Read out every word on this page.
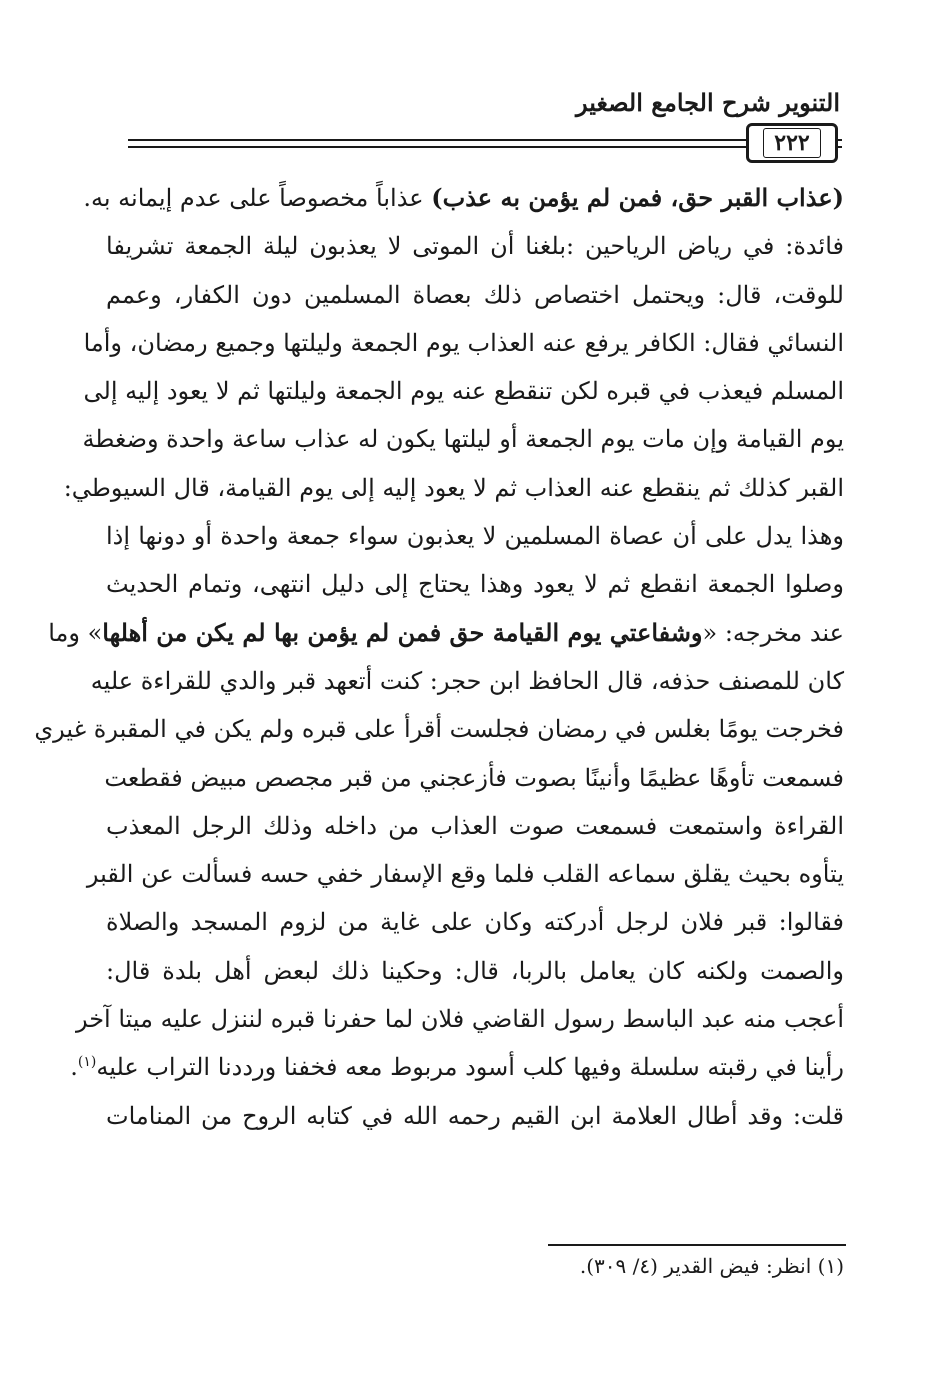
التنوير شرح الجامع الصغير
٢٢٢
(عذاب القبر حق، فمن لم يؤمن به عذب) عذاباً مخصوصاً على عدم إيمانه به.
فائدة: في رياض الرياحين :بلغنا أن الموتى لا يعذبون ليلة الجمعة تشريفا
للوقت، قال: ويحتمل اختصاص ذلك بعصاة المسلمين دون الكفار، وعمم
النسائي فقال: الكافر يرفع عنه العذاب يوم الجمعة وليلتها وجميع رمضان، وأما
المسلم فيعذب في قبره لكن تنقطع عنه يوم الجمعة وليلتها ثم لا يعود إليه إلى
يوم القيامة وإن مات يوم الجمعة أو ليلتها يكون له عذاب ساعة واحدة وضغطة
القبر كذلك ثم ينقطع عنه العذاب ثم لا يعود إليه إلى يوم القيامة، قال السيوطي:
وهذا يدل على أن عصاة المسلمين لا يعذبون سواء جمعة واحدة أو دونها إذا
وصلوا الجمعة انقطع ثم لا يعود وهذا يحتاج إلى دليل انتهى، وتمام الحديث
عند مخرجه: «وشفاعتي يوم القيامة حق فمن لم يؤمن بها لم يكن من أهلها» وما
كان للمصنف حذفه، قال الحافظ ابن حجر: كنت أتعهد قبر والدي للقراءة عليه
فخرجت يومًا بغلس في رمضان فجلست أقرأ على قبره ولم يكن في المقبرة غيري
فسمعت تأوهًا عظيمًا وأنينًا بصوت فأزعجني من قبر مجصص مبيض فقطعت
القراءة واستمعت فسمعت صوت العذاب من داخله وذلك الرجل المعذب
يتأوه بحيث يقلق سماعه القلب فلما وقع الإسفار خفي حسه فسألت عن القبر
فقالوا: قبر فلان لرجل أدركته وكان على غاية من لزوم المسجد والصلاة
والصمت ولكنه كان يعامل بالربا، قال: وحكينا ذلك لبعض أهل بلدة قال:
أعجب منه عبد الباسط رسول القاضي فلان لما حفرنا قبره لننزل عليه ميتا آخر
رأينا في رقبته سلسلة وفيها كلب أسود مربوط معه فخفنا ورددنا التراب عليه$^{(١)}$.
قلت: وقد أطال العلامة ابن القيم رحمه الله في كتابه الروح من المنامات
(١) انظر: فيض القدير (٤/ ٣٠٩).
